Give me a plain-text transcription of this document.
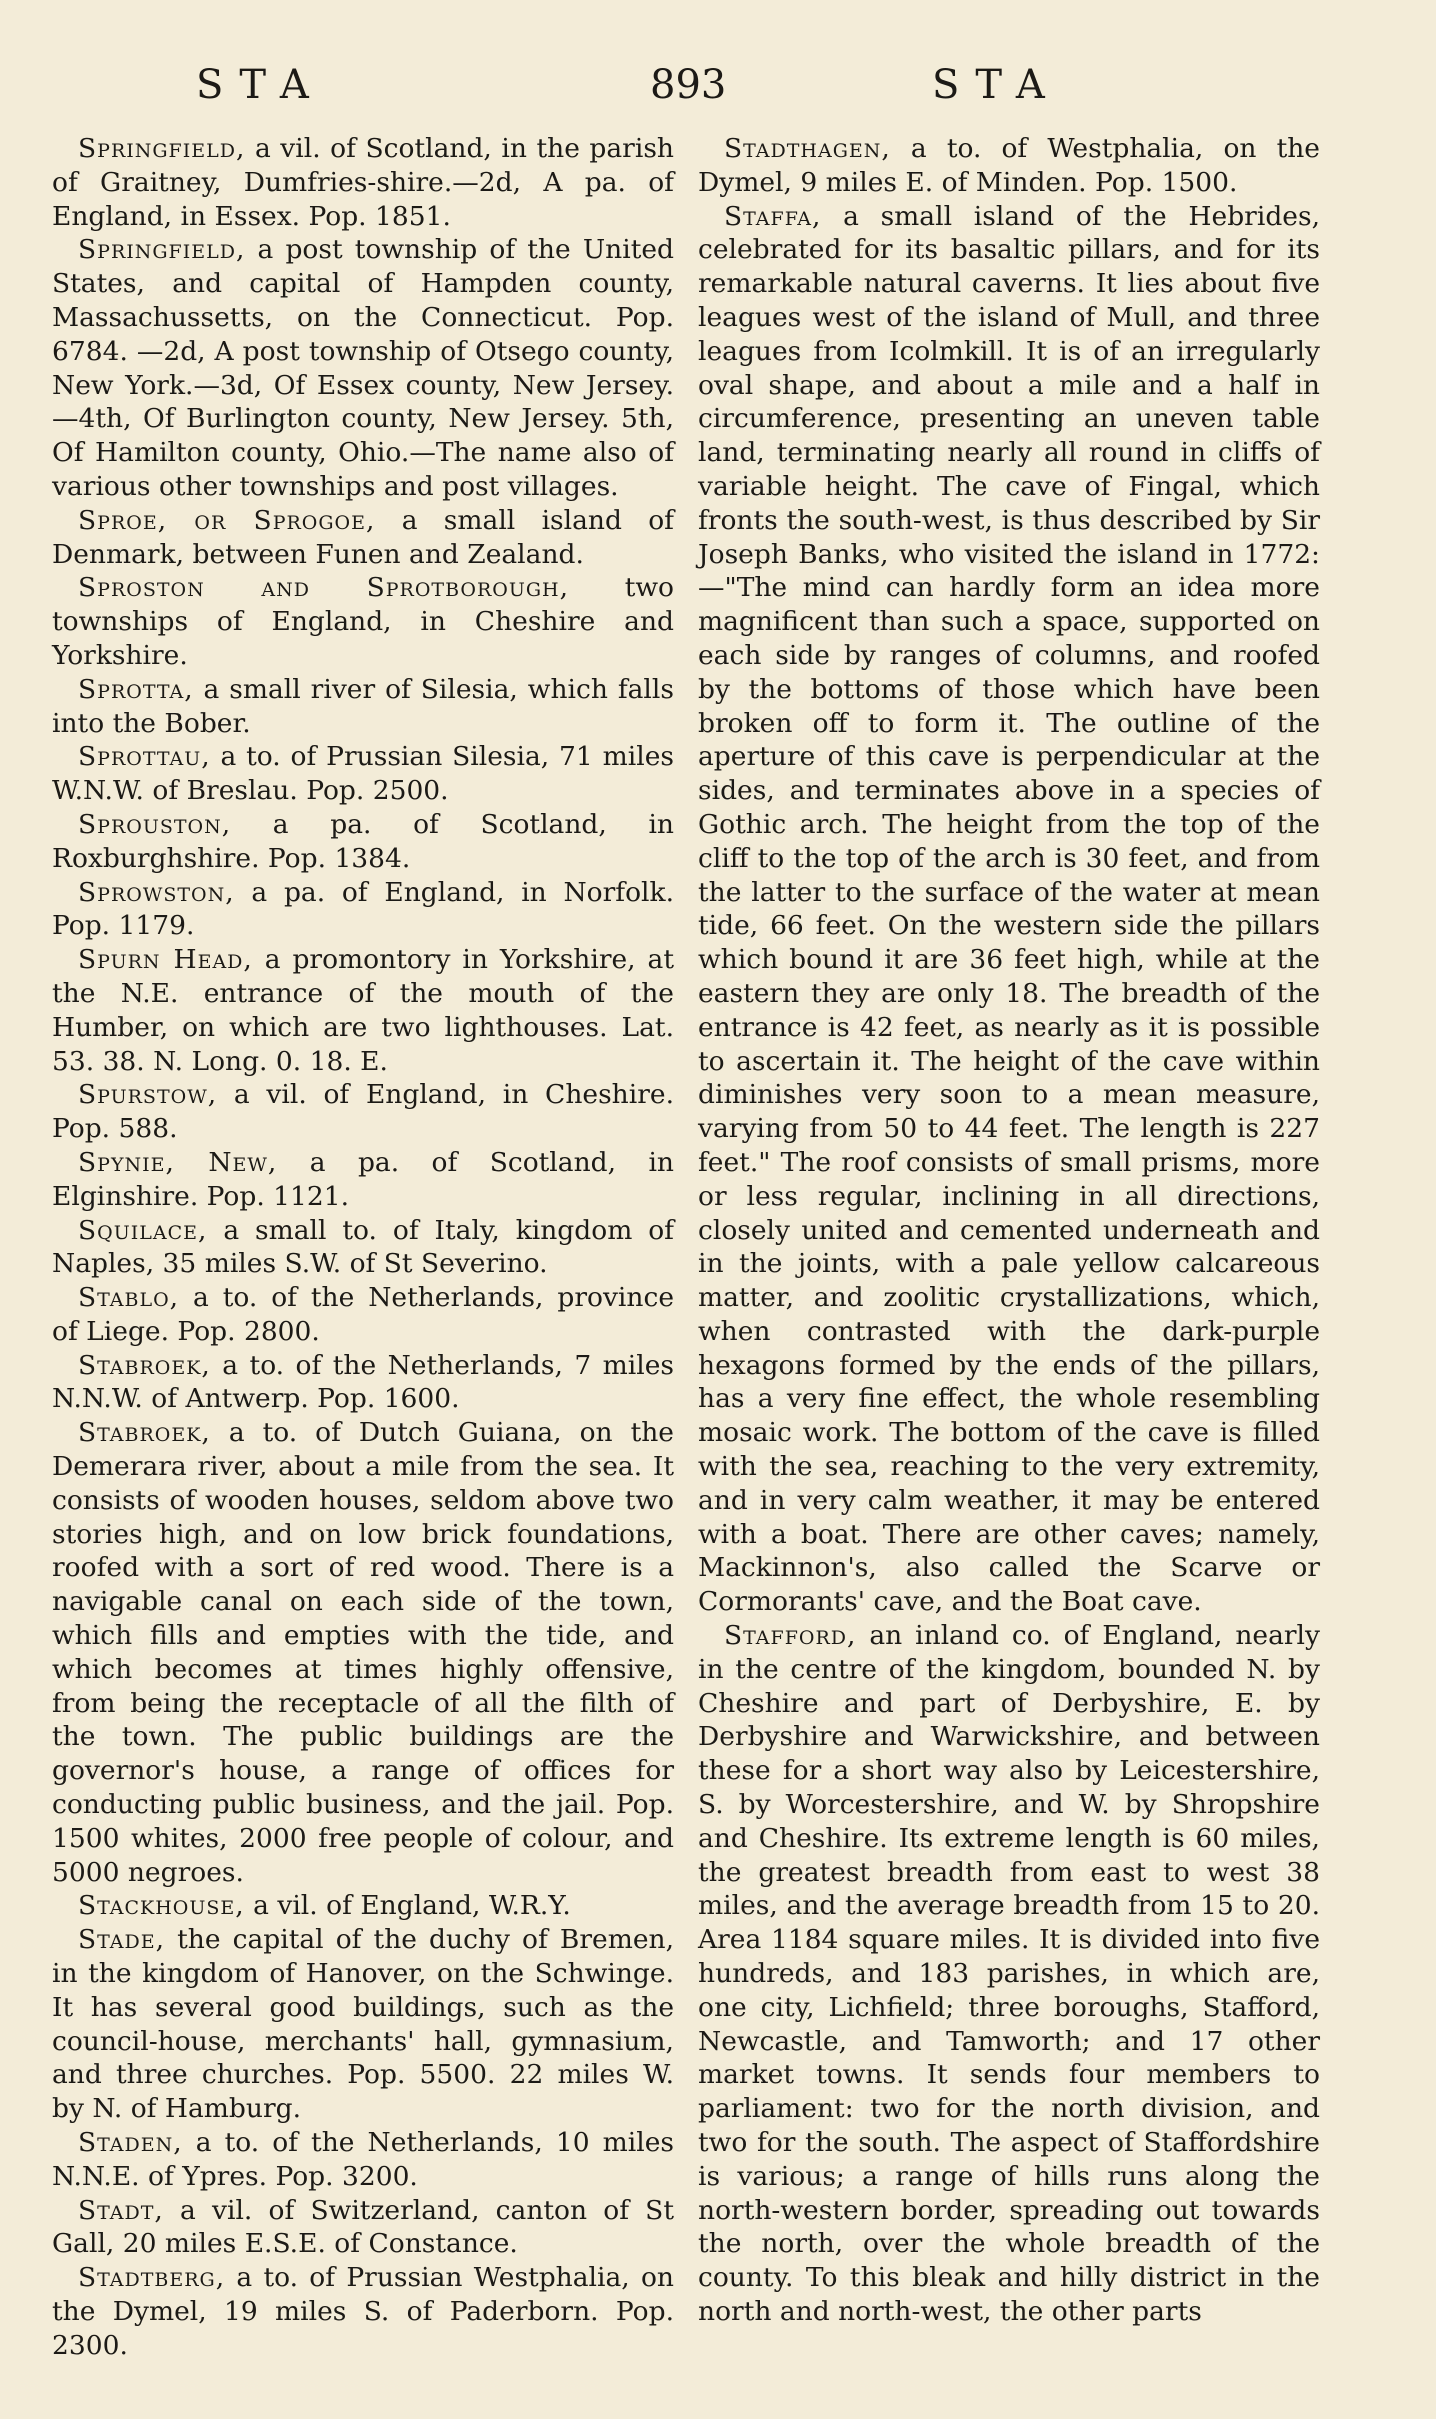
STA	893	STA

Springfield, a vil. of Scotland, in the parish of Graitney, Dumfries-shire.—2d, A pa. of England, in Essex. Pop. 1851.

Springfield, a post township of the United States, and capital of Hampden county, Massachussetts, on the Connecticut. Pop. 6784. —2d, A post township of Otsego county, New York.—3d, Of Essex county, New Jersey.—4th, Of Burlington county, New Jersey. 5th, Of Hamilton county, Ohio.—The name also of various other townships and post villages.

Sproe, or Sprogoe, a small island of Denmark, between Funen and Zealand.

Sproston and Sprotborough, two townships of England, in Cheshire and Yorkshire.

Sprotta, a small river of Silesia, which falls into the Bober.

Sprottau, a to. of Prussian Silesia, 71 miles W.N.W. of Breslau. Pop. 2500.

Sprouston, a pa. of Scotland, in Roxburghshire. Pop. 1384.

Sprowston, a pa. of England, in Norfolk. Pop. 1179.

Spurn Head, a promontory in Yorkshire, at the N.E. entrance of the mouth of the Humber, on which are two lighthouses. Lat. 53. 38. N. Long. 0. 18. E.

Spurstow, a vil. of England, in Cheshire. Pop. 588.

Spynie, New, a pa. of Scotland, in Elginshire. Pop. 1121.

Squilace, a small to. of Italy, kingdom of Naples, 35 miles S.W. of St Severino.

Stablo, a to. of the Netherlands, province of Liege. Pop. 2800.

Stabroek, a to. of the Netherlands, 7 miles N.N.W. of Antwerp. Pop. 1600.

Stabroek, a to. of Dutch Guiana, on the Demerara river, about a mile from the sea. It consists of wooden houses, seldom above two stories high, and on low brick foundations, roofed with a sort of red wood. There is a navigable canal on each side of the town, which fills and empties with the tide, and which becomes at times highly offensive, from being the receptacle of all the filth of the town. The public buildings are the governor's house, a range of offices for conducting public business, and the jail. Pop. 1500 whites, 2000 free people of colour, and 5000 negroes.

Stackhouse, a vil. of England, W.R.Y.

Stade, the capital of the duchy of Bremen, in the kingdom of Hanover, on the Schwinge. It has several good buildings, such as the council-house, merchants' hall, gymnasium, and three churches. Pop. 5500. 22 miles W. by N. of Hamburg.

Staden, a to. of the Netherlands, 10 miles N.N.E. of Ypres. Pop. 3200.

Stadt, a vil. of Switzerland, canton of St Gall, 20 miles E.S.E. of Constance.

Stadtberg, a to. of Prussian Westphalia, on the Dymel, 19 miles S. of Paderborn. Pop. 2300.

Stadthagen, a to. of Westphalia, on the Dymel, 9 miles E. of Minden. Pop. 1500.

Staffa, a small island of the Hebrides, celebrated for its basaltic pillars, and for its remarkable natural caverns. It lies about five leagues west of the island of Mull, and three leagues from Icolmkill. It is of an irregularly oval shape, and about a mile and a half in circumference, presenting an uneven table land, terminating nearly all round in cliffs of variable height. The cave of Fingal, which fronts the south-west, is thus described by Sir Joseph Banks, who visited the island in 1772:—"The mind can hardly form an idea more magnificent than such a space, supported on each side by ranges of columns, and roofed by the bottoms of those which have been broken off to form it. The outline of the aperture of this cave is perpendicular at the sides, and terminates above in a species of Gothic arch. The height from the top of the cliff to the top of the arch is 30 feet, and from the latter to the surface of the water at mean tide, 66 feet. On the western side the pillars which bound it are 36 feet high, while at the eastern they are only 18. The breadth of the entrance is 42 feet, as nearly as it is possible to ascertain it. The height of the cave within diminishes very soon to a mean measure, varying from 50 to 44 feet. The length is 227 feet." The roof consists of small prisms, more or less regular, inclining in all directions, closely united and cemented underneath and in the joints, with a pale yellow calcareous matter, and zoolitic crystallizations, which, when contrasted with the dark-purple hexagons formed by the ends of the pillars, has a very fine effect, the whole resembling mosaic work. The bottom of the cave is filled with the sea, reaching to the very extremity, and in very calm weather, it may be entered with a boat. There are other caves; namely, Mackinnon's, also called the Scarve or Cormorants' cave, and the Boat cave.

Stafford, an inland co. of England, nearly in the centre of the kingdom, bounded N. by Cheshire and part of Derbyshire, E. by Derbyshire and Warwickshire, and between these for a short way also by Leicestershire, S. by Worcestershire, and W. by Shropshire and Cheshire. Its extreme length is 60 miles, the greatest breadth from east to west 38 miles, and the average breadth from 15 to 20. Area 1184 square miles. It is divided into five hundreds, and 183 parishes, in which are, one city, Lichfield; three boroughs, Stafford, Newcastle, and Tamworth; and 17 other market towns. It sends four members to parliament: two for the north division, and two for the south. The aspect of Staffordshire is various; a range of hills runs along the north-western border, spreading out towards the north, over the whole breadth of the county. To this bleak and hilly district in the north and north-west, the other parts
